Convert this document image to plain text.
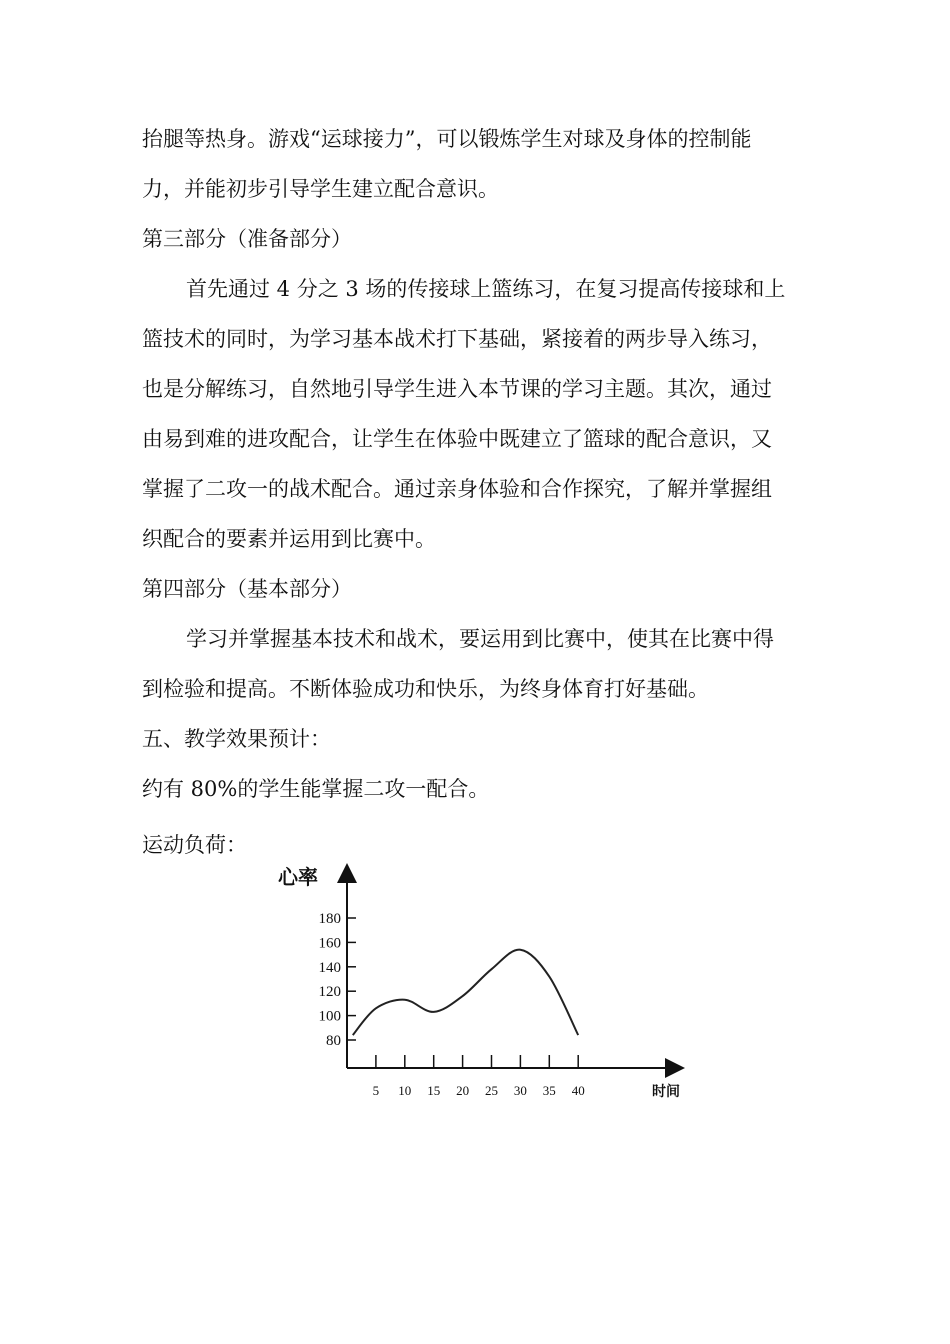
抬腿等热身。游戏“运球接力”，可以锻炼学生对球及身体的控制能
力，并能初步引导学生建立配合意识。
第三部分（准备部分）
首先通过 4 分之 3 场的传接球上篮练习，在复习提高传接球和上
篮技术的同时，为学习基本战术打下基础，紧接着的两步导入练习，
也是分解练习，自然地引导学生进入本节课的学习主题。其次，通过
由易到难的进攻配合，让学生在体验中既建立了篮球的配合意识，又
掌握了二攻一的战术配合。通过亲身体验和合作探究，了解并掌握组
织配合的要素并运用到比赛中。
第四部分（基本部分）
学习并掌握基本技术和战术，要运用到比赛中，使其在比赛中得
到检验和提高。不断体验成功和快乐，为终身体育打好基础。
五、教学效果预计：
约有 80%的学生能掌握二攻一配合。
运动负荷：
心率
时间
80
100
120
140
160
180
5 10 15 20 25 30 35 40
